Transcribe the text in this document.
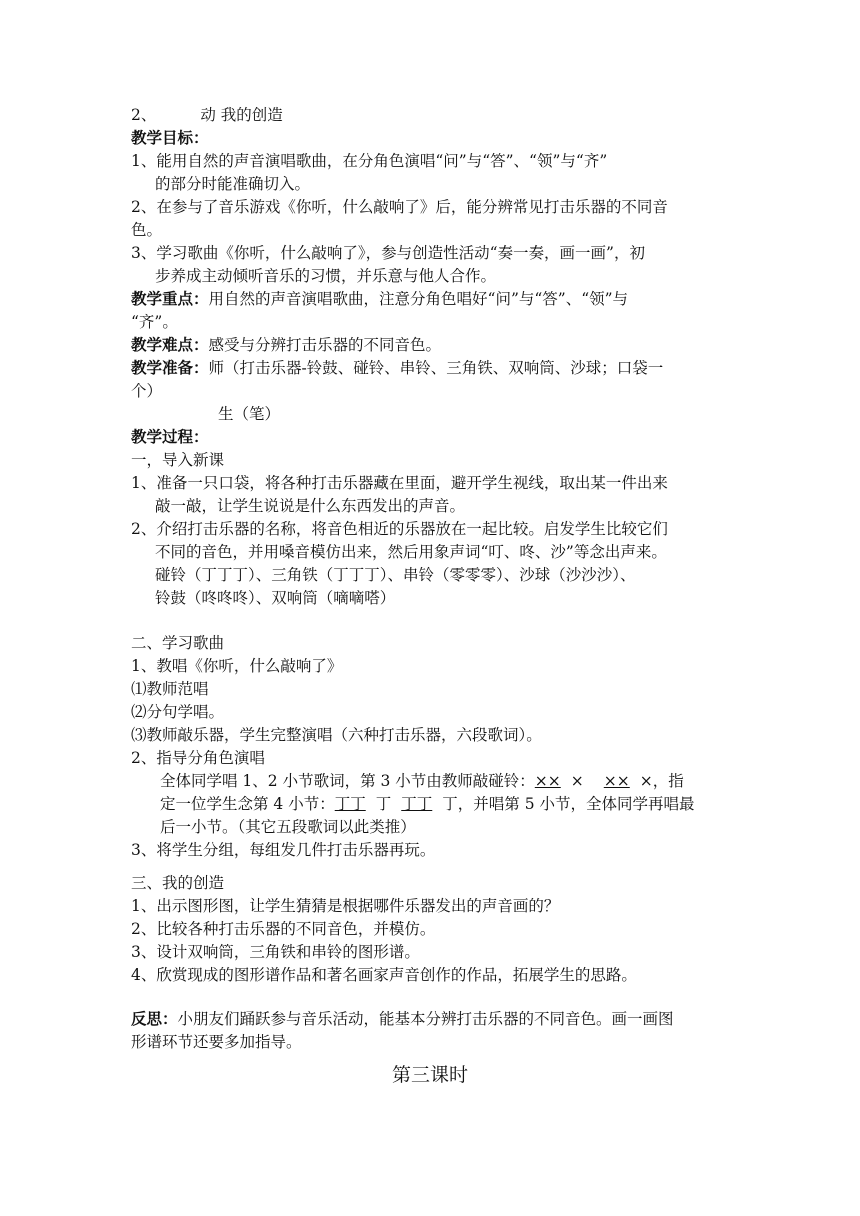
2、	动 我的创造
教学目标：
1、能用自然的声音演唱歌曲，在分角色演唱“问”与“答”、“领”与“齐”
的部分时能准确切入。
2、在参与了音乐游戏《你听，什么敲响了》后，能分辨常见打击乐器的不同音
色。
3、学习歌曲《你听，什么敲响了》，参与创造性活动“奏一奏，画一画”，初
步养成主动倾听音乐的习惯，并乐意与他人合作。
教学重点：用自然的声音演唱歌曲，注意分角色唱好“问”与“答”、“领”与
“齐”。
教学难点：感受与分辨打击乐器的不同音色。
教学准备：师（打击乐器-铃鼓、碰铃、串铃、三角铁、双响筒、沙球；口袋一
个）
生（笔）
教学过程：
一，导入新课
1、准备一只口袋，将各种打击乐器藏在里面，避开学生视线，取出某一件出来
敲一敲，让学生说说是什么东西发出的声音。
2、介绍打击乐器的名称，将音色相近的乐器放在一起比较。启发学生比较它们
不同的音色，并用嗓音模仿出来，然后用象声词“叮、咚、沙”等念出声来。
碰铃（丁丁丁）、三角铁（丁丁丁）、串铃（零零零）、沙球（沙沙沙）、
铃鼓（咚咚咚）、双响筒（嘀嘀嗒）
二、学习歌曲
1、教唱《你听，什么敲响了》
⑴教师范唱
⑵分句学唱。
⑶教师敲乐器，学生完整演唱（六种打击乐器，六段歌词）。
2、指导分角色演唱
全体同学唱 1、2 小节歌词，第 3 小节由教师敲碰铃：×× × ×× ×，指
定一位学生念第 4 小节：丁丁 丁 丁丁 丁，并唱第 5 小节，全体同学再唱最
后一小节。（其它五段歌词以此类推）
3、将学生分组，每组发几件打击乐器再玩。
三、我的创造
1、出示图形图，让学生猜猜是根据哪件乐器发出的声音画的？
2、比较各种打击乐器的不同音色，并模仿。
3、设计双响筒，三角铁和串铃的图形谱。
4、欣赏现成的图形谱作品和著名画家声音创作的作品，拓展学生的思路。
反思：小朋友们踊跃参与音乐活动，能基本分辨打击乐器的不同音色。画一画图
形谱环节还要多加指导。
第三课时
